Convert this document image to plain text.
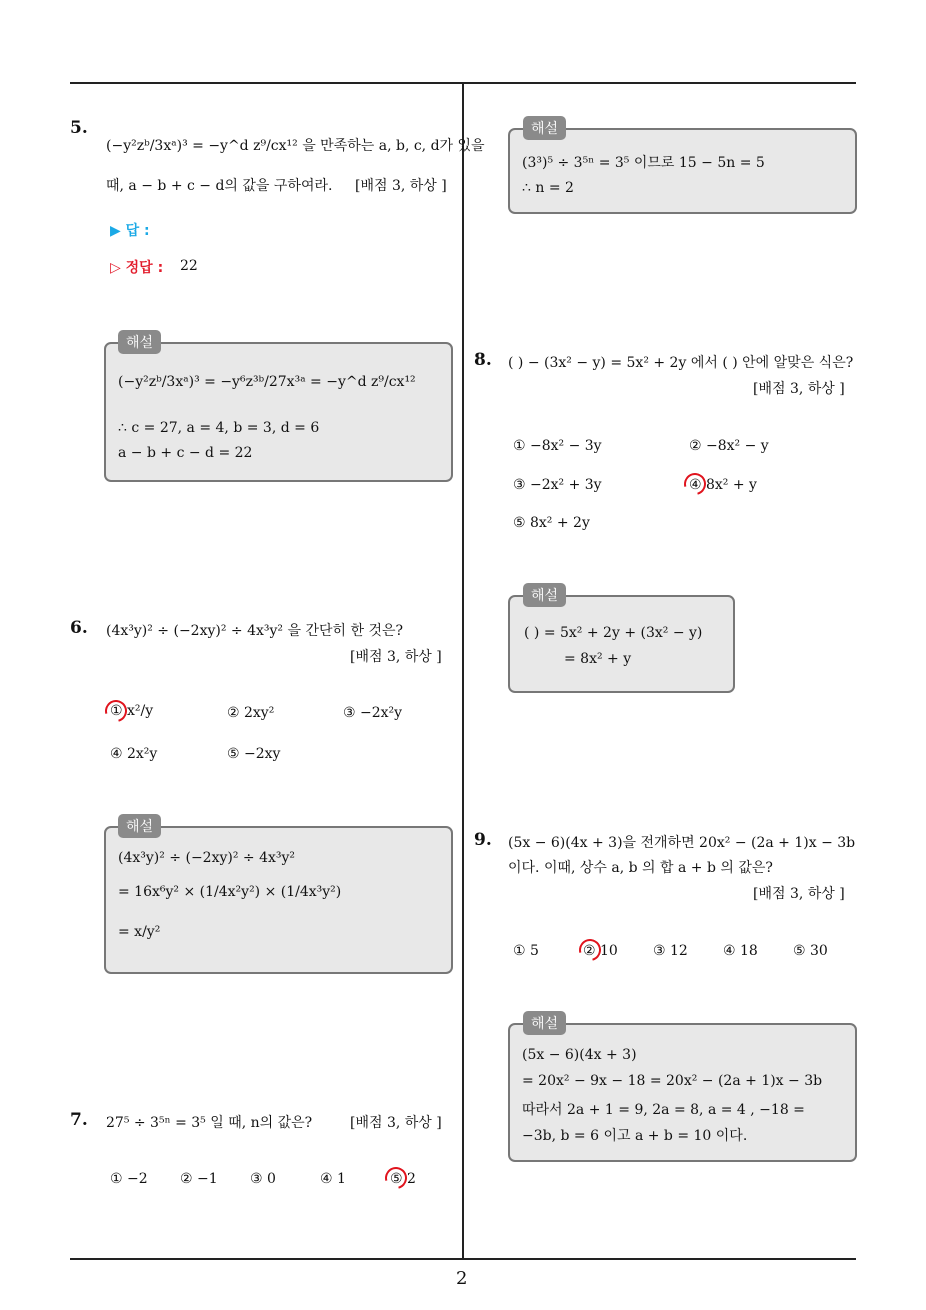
2
5.
(−y²zᵇ/3xᵃ)³ = −y^d z⁹/cx¹² 을 만족하는 a, b, c, d가 있을
때, a − b + c − d의 값을 구하여라. [배점 3, 하상 ]
▶ 답 :
▷ 정답 : 22
(−y²zᵇ/3xᵃ)³ = −y⁶z³ᵇ/27x³ᵃ = −y^d z⁹/cx¹²
∴ c = 27, a = 4, b = 3, d = 6
a − b + c − d = 22
해설
6. (4x³y)² ÷ (−2xy)² ÷ 4x³y² 을 간단히 한 것은?
[배점 3, 하상 ]
① x²/y	② 2xy²	③ −2x²y
④ 2x²y	⑤ −2xy
(4x³y)² ÷ (−2xy)² ÷ 4x³y²
= 16x⁶y² × (1/4x²y²) × (1/4x³y²)
= x/y²
해설
7. 27⁵ ÷ 3⁵ⁿ = 3⁵ 일 때, n의 값은?	[배점 3, 하상 ]
① −2 ② −1 ③ 0	④ 1	⑤ 2
(3³)⁵ ÷ 3⁵ⁿ = 3⁵ 이므로 15 − 5n = 5
∴ n = 2
해설
8. ( ) − (3x² − y) = 5x² + 2y 에서 ( ) 안에 알맞은 식은?
[배점 3, 하상 ]
① −8x² − 3y	② −8x² − y
③ −2x² + 3y	④ 8x² + y
⑤ 8x² + 2y
( ) = 5x² + 2y + (3x² − y)
= 8x² + y
해설
9. (5x − 6)(4x + 3)을 전개하면 20x² − (2a + 1)x − 3b
이다. 이때, 상수 a, b 의 합 a + b 의 값은?
[배점 3, 하상 ]
① 5	② 10	③ 12	④ 18	⑤ 30
(5x − 6)(4x + 3)
= 20x² − 9x − 18 = 20x² − (2a + 1)x − 3b
따라서 2a + 1 = 9, 2a = 8, a = 4 , −18 =
−3b, b = 6 이고 a + b = 10 이다.
해설
